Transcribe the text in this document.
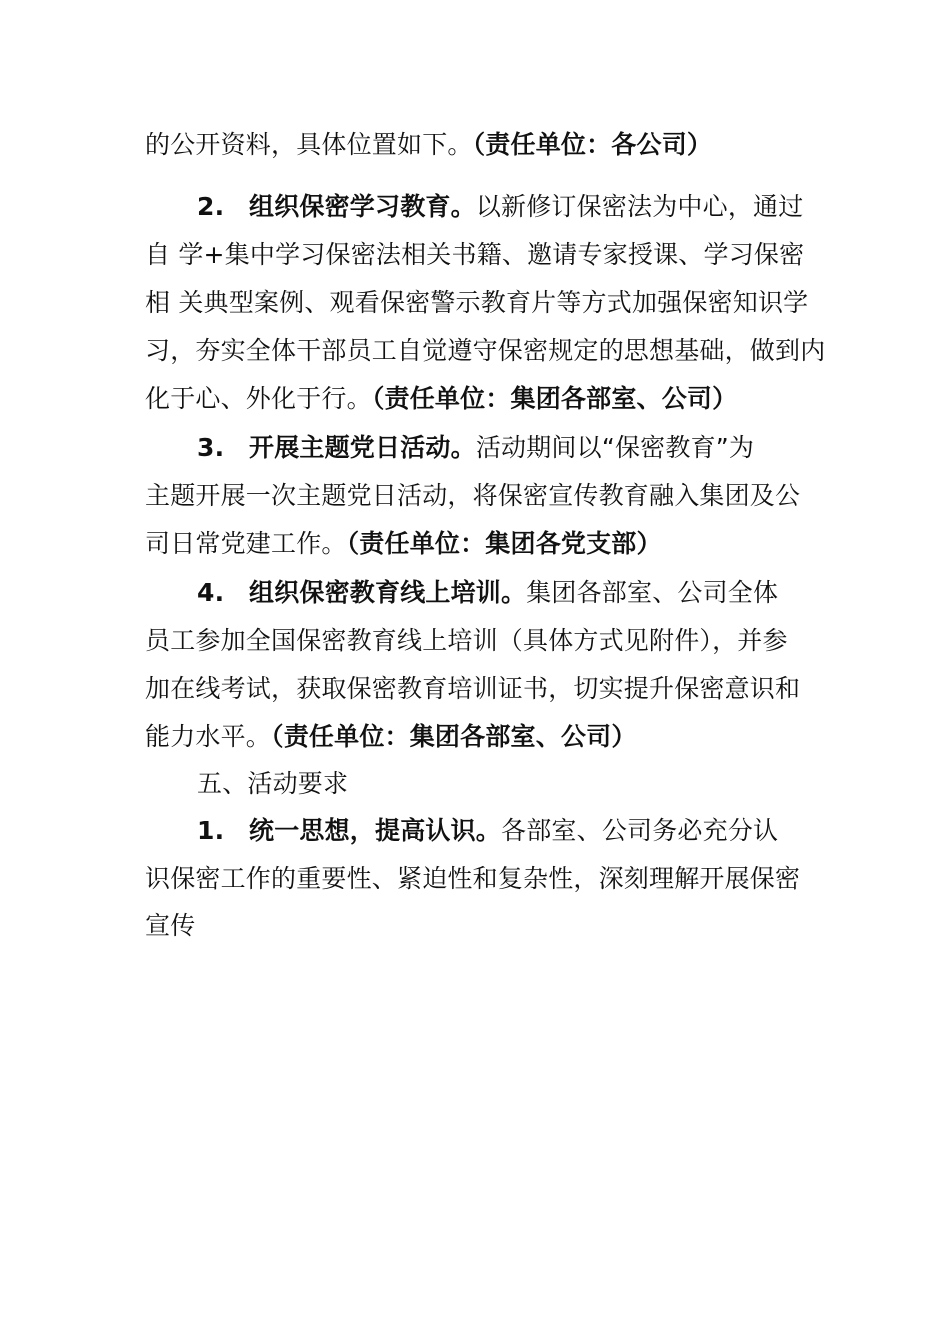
的公开资料，具体位置如下。（责任单位：各公司）
2. 组织保密学习教育。以新修订保密法为中心，通过
自 学+集中学习保密法相关书籍、邀请专家授课、学习保密
相 关典型案例、观看保密警示教育片等方式加强保密知识学
习，夯实全体干部员工自觉遵守保密规定的思想基础，做到内
化于心、外化于行。（责任单位：集团各部室、公司）
3. 开展主题党日活动。活动期间以“保密教育”为
主题开展一次主题党日活动，将保密宣传教育融入集团及公
司日常党建工作。（责任单位：集团各党支部）
4. 组织保密教育线上培训。集团各部室、公司全体
员工参加全国保密教育线上培训（具体方式见附件），并参
加在线考试，获取保密教育培训证书，切实提升保密意识和
能力水平。（责任单位：集团各部室、公司）
五、活动要求
1. 统一思想，提高认识。各部室、公司务必充分认
识保密工作的重要性、紧迫性和复杂性，深刻理解开展保密
宣传
